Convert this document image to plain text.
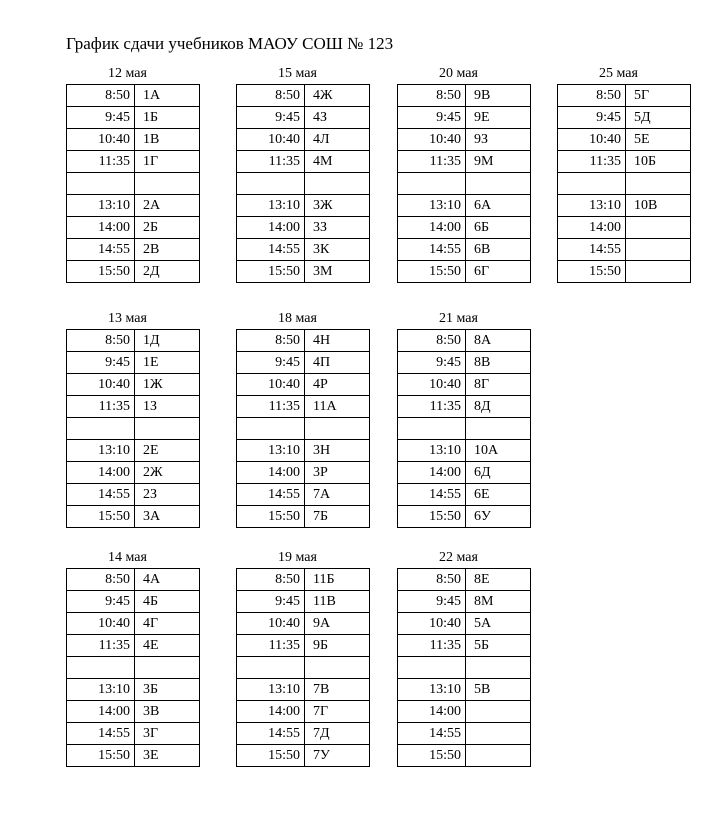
График сдачи учебников МАОУ СОШ № 123
12 мая
8:50	1А
9:45	1Б
10:40	1В
11:35	1Г

13:10	2А
14:00	2Б
14:55	2В
15:50	2Д
15 мая
8:50	4Ж
9:45	4З
10:40	4Л
11:35	4М

13:10	3Ж
14:00	3З
14:55	3К
15:50	3М
20 мая
8:50	9В
9:45	9Е
10:40	9З
11:35	9М

13:10	6А
14:00	6Б
14:55	6В
15:50	6Г
25 мая
8:50	5Г
9:45	5Д
10:40	5Е
11:35	10Б

13:10	10В
14:00	
14:55	
15:50	
13 мая
8:50	1Д
9:45	1Е
10:40	1Ж
11:35	1З

13:10	2Е
14:00	2Ж
14:55	2З
15:50	3А
18 мая
8:50	4Н
9:45	4П
10:40	4Р
11:35	11А

13:10	3Н
14:00	3Р
14:55	7А
15:50	7Б
21 мая
8:50	8А
9:45	8В
10:40	8Г
11:35	8Д

13:10	10А
14:00	6Д
14:55	6Е
15:50	6У
14 мая
8:50	4А
9:45	4Б
10:40	4Г
11:35	4Е

13:10	3Б
14:00	3В
14:55	3Г
15:50	3Е
19 мая
8:50	11Б
9:45	11В
10:40	9А
11:35	9Б

13:10	7В
14:00	7Г
14:55	7Д
15:50	7У
22 мая
8:50	8Е
9:45	8М
10:40	5А
11:35	5Б

13:10	5В
14:00	
14:55	
15:50	
